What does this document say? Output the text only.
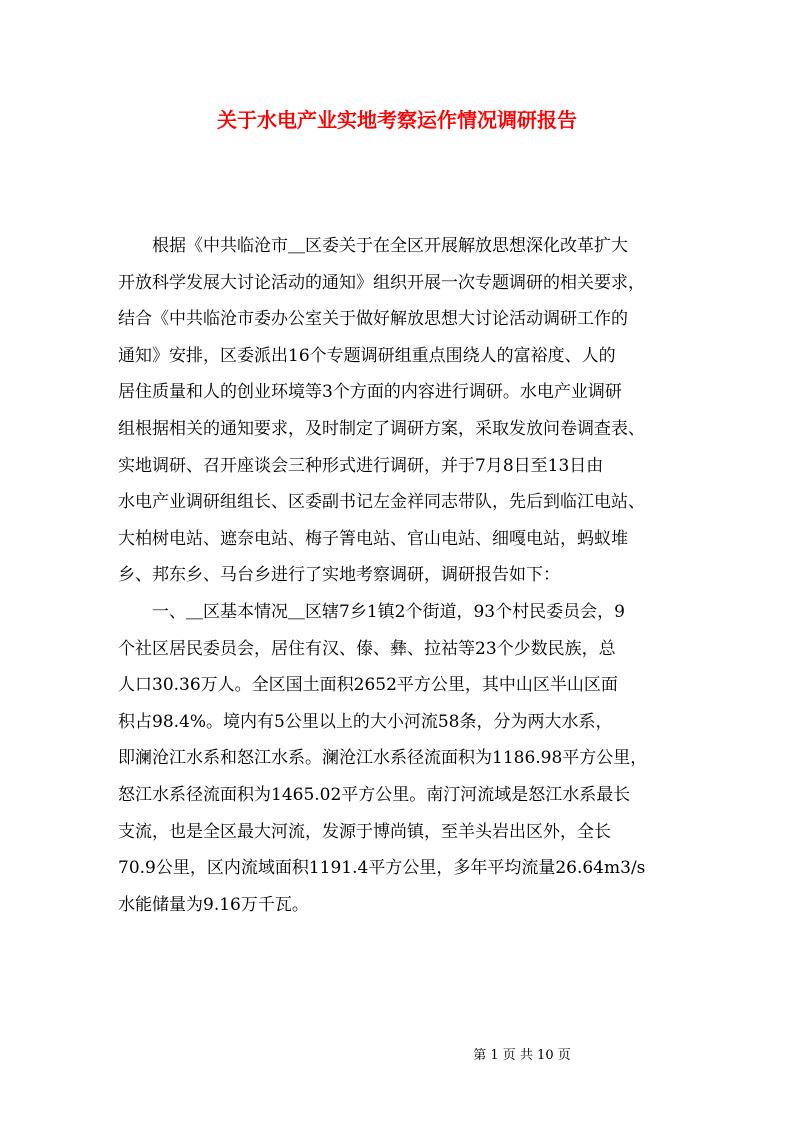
关于水电产业实地考察运作情况调研报告
　　根据《中共临沧市＿区委关于在全区开展解放思想深化改革扩大
开放科学发展大讨论活动的通知》组织开展一次专题调研的相关要求，
结合《中共临沧市委办公室关于做好解放思想大讨论活动调研工作的
通知》安排，区委派出16个专题调研组重点围绕人的富裕度、人的
居住质量和人的创业环境等3个方面的内容进行调研。水电产业调研
组根据相关的通知要求，及时制定了调研方案，采取发放问卷调查表、
实地调研、召开座谈会三种形式进行调研，并于7月8日至13日由
水电产业调研组组长、区委副书记左金祥同志带队，先后到临江电站、
大柏树电站、遮奈电站、梅子箐电站、官山电站、细嘎电站，蚂蚁堆
乡、邦东乡、马台乡进行了实地考察调研，调研报告如下：
　　一、＿区基本情况＿区辖7乡1镇2个街道，93个村民委员会，9
个社区居民委员会，居住有汉、傣、彝、拉祜等23个少数民族，总
人口30.36万人。全区国土面积2652平方公里，其中山区半山区面
积占98.4%。境内有5公里以上的大小河流58条，分为两大水系，
即澜沧江水系和怒江水系。澜沧江水系径流面积为1186.98平方公里，
怒江水系径流面积为1465.02平方公里。南汀河流域是怒江水系最长
支流，也是全区最大河流，发源于博尚镇，至羊头岩出区外，全长
70.9公里，区内流域面积1191.4平方公里，多年平均流量26.64m3/s
水能储量为9.16万千瓦。
第 1 页 共 10 页
